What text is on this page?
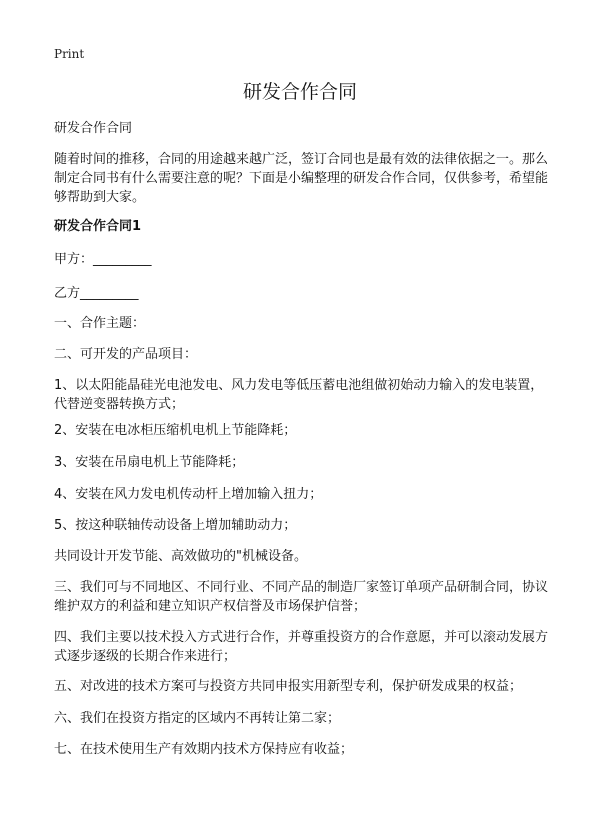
Print
研发合作合同

研发合作合同

随着时间的推移，合同的用途越来越广泛，签订合同也是最有效的法律依据之一。那么制定合同书有什么需要注意的呢？下面是小编整理的研发合作合同，仅供参考，希望能够帮助到大家。

研发合作合同1

甲方：_________

乙方_________

一、合作主题：

二、可开发的产品项目：

1、以太阳能晶硅光电池发电、风力发电等低压蓄电池组做初始动力输入的发电装置，代替逆变器转换方式；

2、安装在电冰柜压缩机电机上节能降耗；

3、安装在吊扇电机上节能降耗；

4、安装在风力发电机传动杆上增加输入扭力；

5、按这种联轴传动设备上增加辅助动力；

共同设计开发节能、高效做功的"机械设备。

三、我们可与不同地区、不同行业、不同产品的制造厂家签订单项产品研制合同，协议维护双方的利益和建立知识产权信誉及市场保护信誉；

四、我们主要以技术投入方式进行合作，并尊重投资方的合作意愿，并可以滚动发展方式逐步逐级的长期合作来进行；

五、对改进的技术方案可与投资方共同申报实用新型专利，保护研发成果的权益；

六、我们在投资方指定的区域内不再转让第二家；

七、在技术使用生产有效期内技术方保持应有收益；
